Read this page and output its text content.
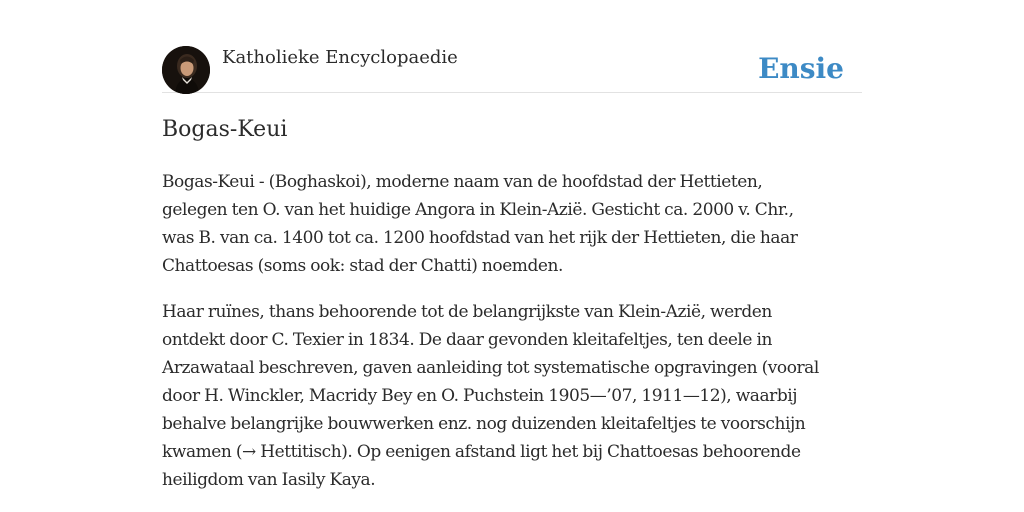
Katholieke Encyclopaedie	Ensie
Bogas-Keui

Bogas-Keui - (Boghaskoi), moderne naam van de hoofdstad der Hettieten,
gelegen ten O. van het huidige Angora in Klein-Azië. Gesticht ca. 2000 v. Chr.,
was B. van ca. 1400 tot ca. 1200 hoofdstad van het rijk der Hettieten, die haar
Chattoesas (soms ook: stad der Chatti) noemden.

Haar ruïnes, thans behoorende tot de belangrijkste van Klein-Azië, werden
ontdekt door C. Texier in 1834. De daar gevonden kleitafeltjes, ten deele in
Arzawataal beschreven, gaven aanleiding tot systematische opgravingen (vooral
door H. Winckler, Macridy Bey en O. Puchstein 1905—’07, 1911—12), waarbij
behalve belangrijke bouwwerken enz. nog duizenden kleitafeltjes te voorschijn
kwamen (→ Hettitisch). Op eenigen afstand ligt het bij Chattoesas behoorende
heiligdom van Iasily Kaya.
